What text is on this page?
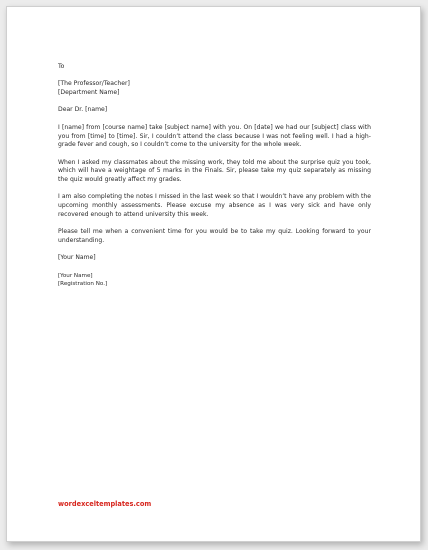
To

[The Professor/Teacher]

[Department Name]

Dear Dr. [name]

I [name] from [course name] take [subject name] with you. On [date] we had our [subject] class with you from [time] to [time]. Sir, I couldn’t attend the class because I was not feeling well. I had a high-grade fever and cough, so I couldn’t come to the university for the whole week.

When I asked my classmates about the missing work, they told me about the surprise quiz you took, which will have a weightage of 5 marks in the Finals. Sir, please take my quiz separately as missing the quiz would greatly affect my grades.

I am also completing the notes I missed in the last week so that I wouldn’t have any problem with the upcoming monthly assessments. Please excuse my absence as I was very sick and have only recovered enough to attend university this week.

Please tell me when a convenient time for you would be to take my quiz. Looking forward to your understanding.

[Your Name]

[Your Name]

[Registration No.]

wordexceltemplates.com
